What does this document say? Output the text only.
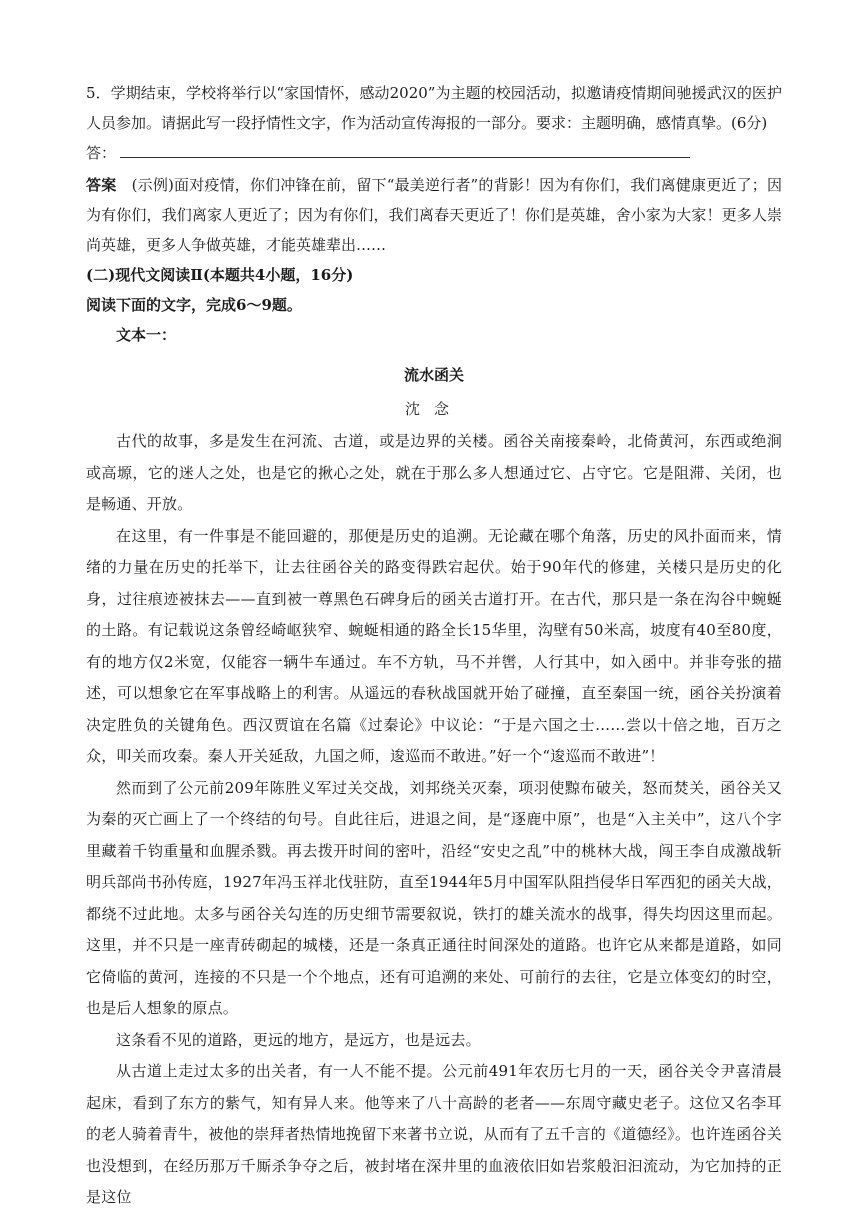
5．学期结束，学校将举行以“家国情怀，感动2020”为主题的校园活动，拟邀请疫情期间驰援武汉的医护人员参加。请据此写一段抒情性文字，作为活动宣传海报的一部分。要求：主题明确，感情真挚。(6分)
答：

答案　(示例)面对疫情，你们冲锋在前，留下“最美逆行者”的背影！因为有你们，我们离健康更近了；因为有你们，我们离家人更近了；因为有你们，我们离春天更近了！你们是英雄，舍小家为大家！更多人崇尚英雄，更多人争做英雄，才能英雄辈出……

(二)现代文阅读Ⅱ(本题共4小题，16分)

阅读下面的文字，完成6～9题。

文本一：

流水函关

沈念

古代的故事，多是发生在河流、古道，或是边界的关楼。函谷关南接秦岭，北倚黄河，东西或绝涧或高塬，它的迷人之处，也是它的揪心之处，就在于那么多人想通过它、占守它。它是阻滞、关闭，也是畅通、开放。

在这里，有一件事是不能回避的，那便是历史的追溯。无论藏在哪个角落，历史的风扑面而来，情绪的力量在历史的托举下，让去往函谷关的路变得跌宕起伏。始于90年代的修建，关楼只是历史的化身，过往痕迹被抹去——直到被一尊黑色石碑身后的函关古道打开。在古代，那只是一条在沟谷中蜿蜒的土路。有记载说这条曾经崎岖狭窄、蜿蜒相通的路全长15华里，沟壁有50米高，坡度有40至80度，有的地方仅2米宽，仅能容一辆牛车通过。车不方轨，马不并辔，人行其中，如入函中。并非夸张的描述，可以想象它在军事战略上的利害。从遥远的春秋战国就开始了碰撞，直至秦国一统，函谷关扮演着决定胜负的关键角色。西汉贾谊在名篇《过秦论》中议论：“于是六国之士……尝以十倍之地，百万之众，叩关而攻秦。秦人开关延敌，九国之师，逡巡而不敢进。”好一个“逡巡而不敢进”！

然而到了公元前209年陈胜义军过关交战，刘邦绕关灭秦，项羽使黥布破关，怒而焚关，函谷关又为秦的灭亡画上了一个终结的句号。自此往后，进退之间，是“逐鹿中原”，也是“入主关中”，这八个字里藏着千钧重量和血腥杀戮。再去拨开时间的密叶，沿经“安史之乱”中的桃林大战，闯王李自成激战斩明兵部尚书孙传庭，1927年冯玉祥北伐驻防，直至1944年5月中国军队阻挡侵华日军西犯的函关大战，都绕不过此地。太多与函谷关勾连的历史细节需要叙说，铁打的雄关流水的战事，得失均因这里而起。这里，并不只是一座青砖砌起的城楼，还是一条真正通往时间深处的道路。也许它从来都是道路，如同它倚临的黄河，连接的不只是一个个地点，还有可追溯的来处、可前行的去往，它是立体变幻的时空，也是后人想象的原点。

这条看不见的道路，更远的地方，是远方，也是远去。

从古道上走过太多的出关者，有一人不能不提。公元前491年农历七月的一天，函谷关令尹喜清晨起床，看到了东方的紫气，知有异人来。他等来了八十高龄的老者——东周守藏史老子。这位又名李耳的老人骑着青牛，被他的崇拜者热情地挽留下来著书立说，从而有了五千言的《道德经》。也许连函谷关也没想到，在经历那万千厮杀争夺之后，被封堵在深井里的血液依旧如岩浆般汩汩流动，为它加持的正是这位
